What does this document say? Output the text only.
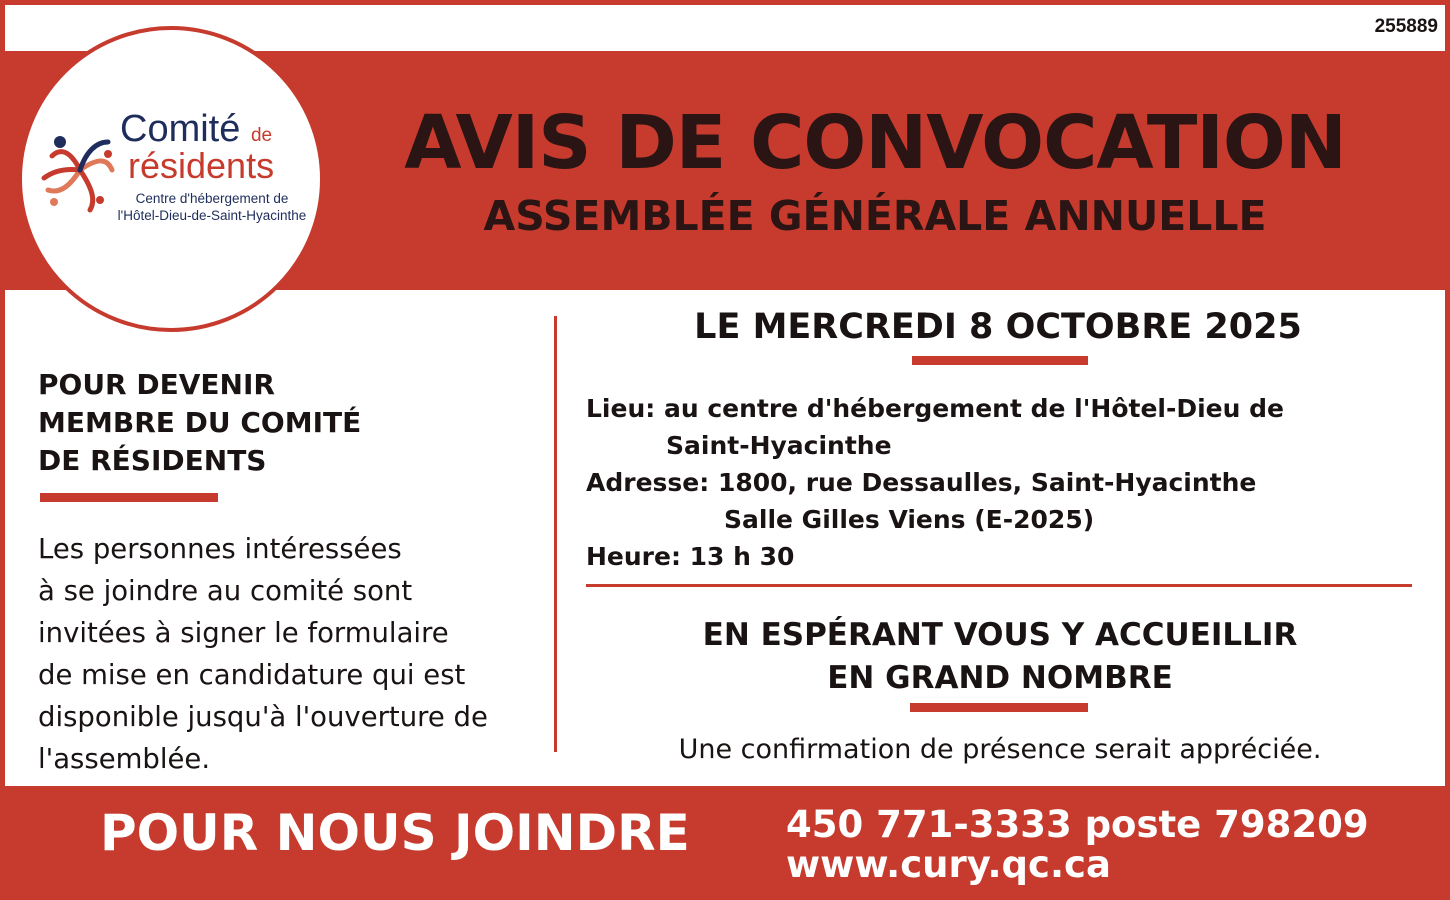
255889
Comité de
résidents
Centre d'hébergement de
l'Hôtel-Dieu-de-Saint-Hyacinthe
AVIS DE CONVOCATION
ASSEMBLÉE GÉNÉRALE ANNUELLE
POUR DEVENIR
MEMBRE DU COMITÉ
DE RÉSIDENTS
Les personnes intéressées
à se joindre au comité sont
invitées à signer le formulaire
de mise en candidature qui est
disponible jusqu'à l'ouverture de
l'assemblée.
LE MERCREDI 8 OCTOBRE 2025
Lieu: au centre d'hébergement de l'Hôtel-Dieu de
Saint-Hyacinthe
Adresse: 1800, rue Dessaulles, Saint-Hyacinthe
Salle Gilles Viens (E-2025)
Heure: 13 h 30
EN ESPÉRANT VOUS Y ACCUEILLIR
EN GRAND NOMBRE
Une confirmation de présence serait appréciée.
POUR NOUS JOINDRE	450 771-3333 poste 798209
www.cury.qc.ca
